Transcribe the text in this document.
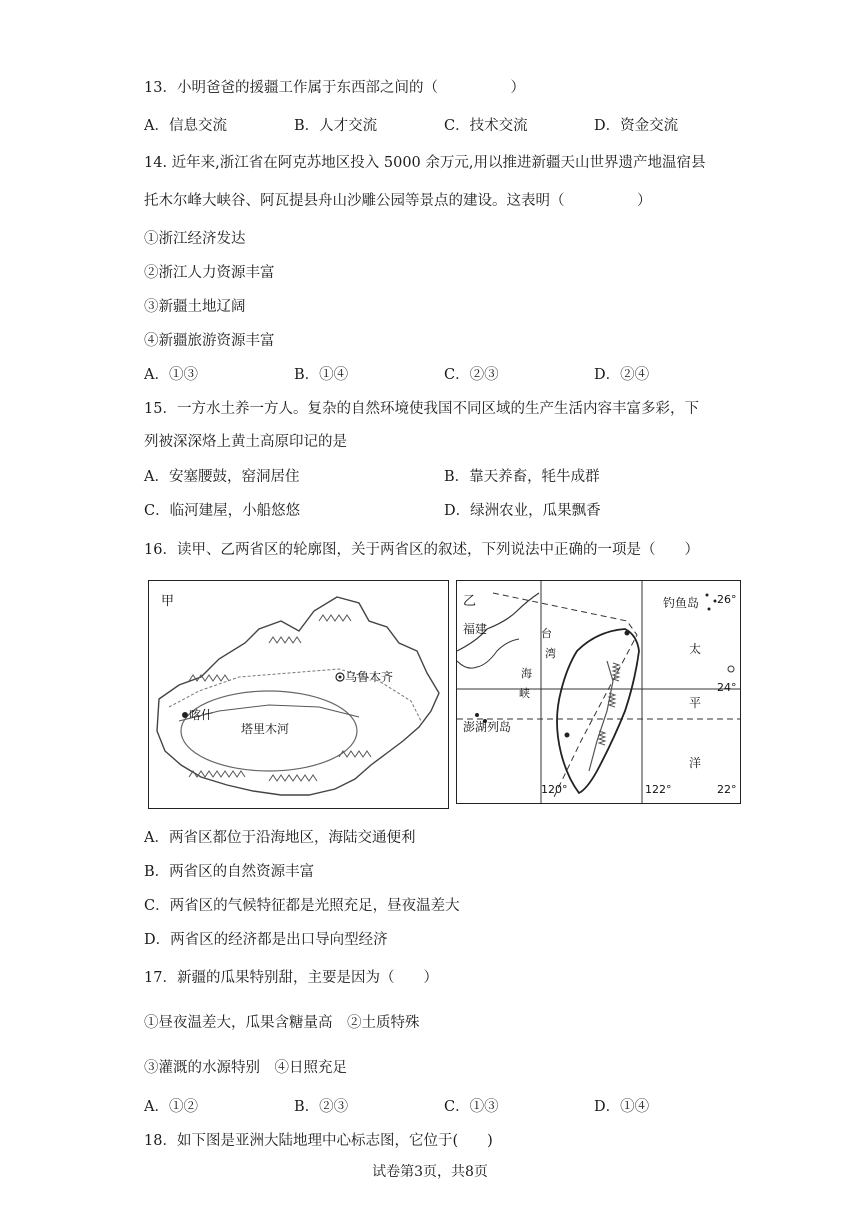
13．小明爸爸的援疆工作属于东西部之间的（　　　　　）
A．信息交流	B．人才交流	C．技术交流	D．资金交流
14. 近年来,浙江省在阿克苏地区投入 5000 余万元,用以推进新疆天山世界遗产地温宿县
托木尔峰大峡谷、阿瓦提县舟山沙雕公园等景点的建设。这表明（　　　　　）
①浙江经济发达
②浙江人力资源丰富
③新疆土地辽阔
④新疆旅游资源丰富
A．①③	B．①④	C．②③	D．②④
15．一方水土养一方人。复杂的自然环境使我国不同区域的生产生活内容丰富多彩，下
列被深深烙上黄土高原印记的是
A．安塞腰鼓，窑洞居住	B．靠天养畜，牦牛成群
C．临河建屋，小船悠悠	D．绿洲农业，瓜果飘香
16．读甲、乙两省区的轮廓图，关于两省区的叙述，下列说法中正确的一项是（　　）
甲
乌鲁木齐
喀什
塔里木河
乙
福建	台
湾
海
峡
钓鱼岛 26°
24°
22°
澎湖列岛
太
平
洋
120°	122°
A．两省区都位于沿海地区，海陆交通便利
B．两省区的自然资源丰富
C．两省区的气候特征都是光照充足，昼夜温差大
D．两省区的经济都是出口导向型经济
17．新疆的瓜果特别甜，主要是因为（　　）
①昼夜温差大，瓜果含糖量高　②土质特殊
③灌溉的水源特别　④日照充足
A．①②	B．②③	C．①③	D．①④
18．如下图是亚洲大陆地理中心标志图，它位于(　　)
试卷第3页，共8页
